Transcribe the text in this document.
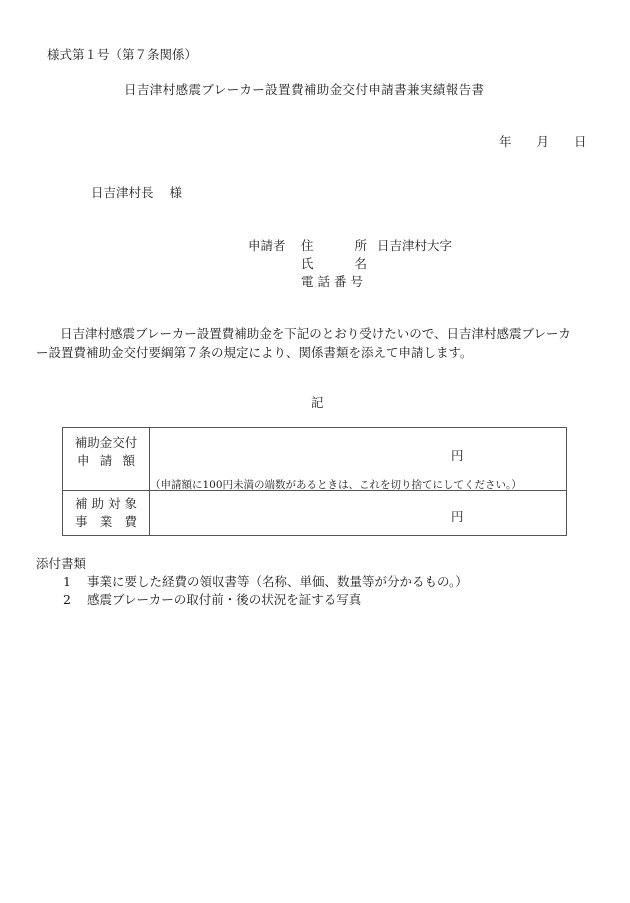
様式第１号（第７条関係）
日吉津村感震ブレーカー設置費補助金交付申請書兼実績報告書
年 月 日
日吉津村長 様
申請者 住	所 日吉津村大字
氏	名
電 話 番 号
日吉津村感震ブレーカー設置費補助金を下記のとおり受けたいので、日吉津村感震ブレーカー設置費補助金交付要綱第７条の規定により、関係書類を添えて申請します。
記
補助金交付
申 請 額	円
（申請額に100円未満の端数があるときは、これを切り捨てにしてください。）

補 助 対 象
事 業 費	円
添付書類
1 事業に要した経費の領収書等（名称、単価、数量等が分かるもの。）
2 感震ブレーカーの取付前・後の状況を証する写真
